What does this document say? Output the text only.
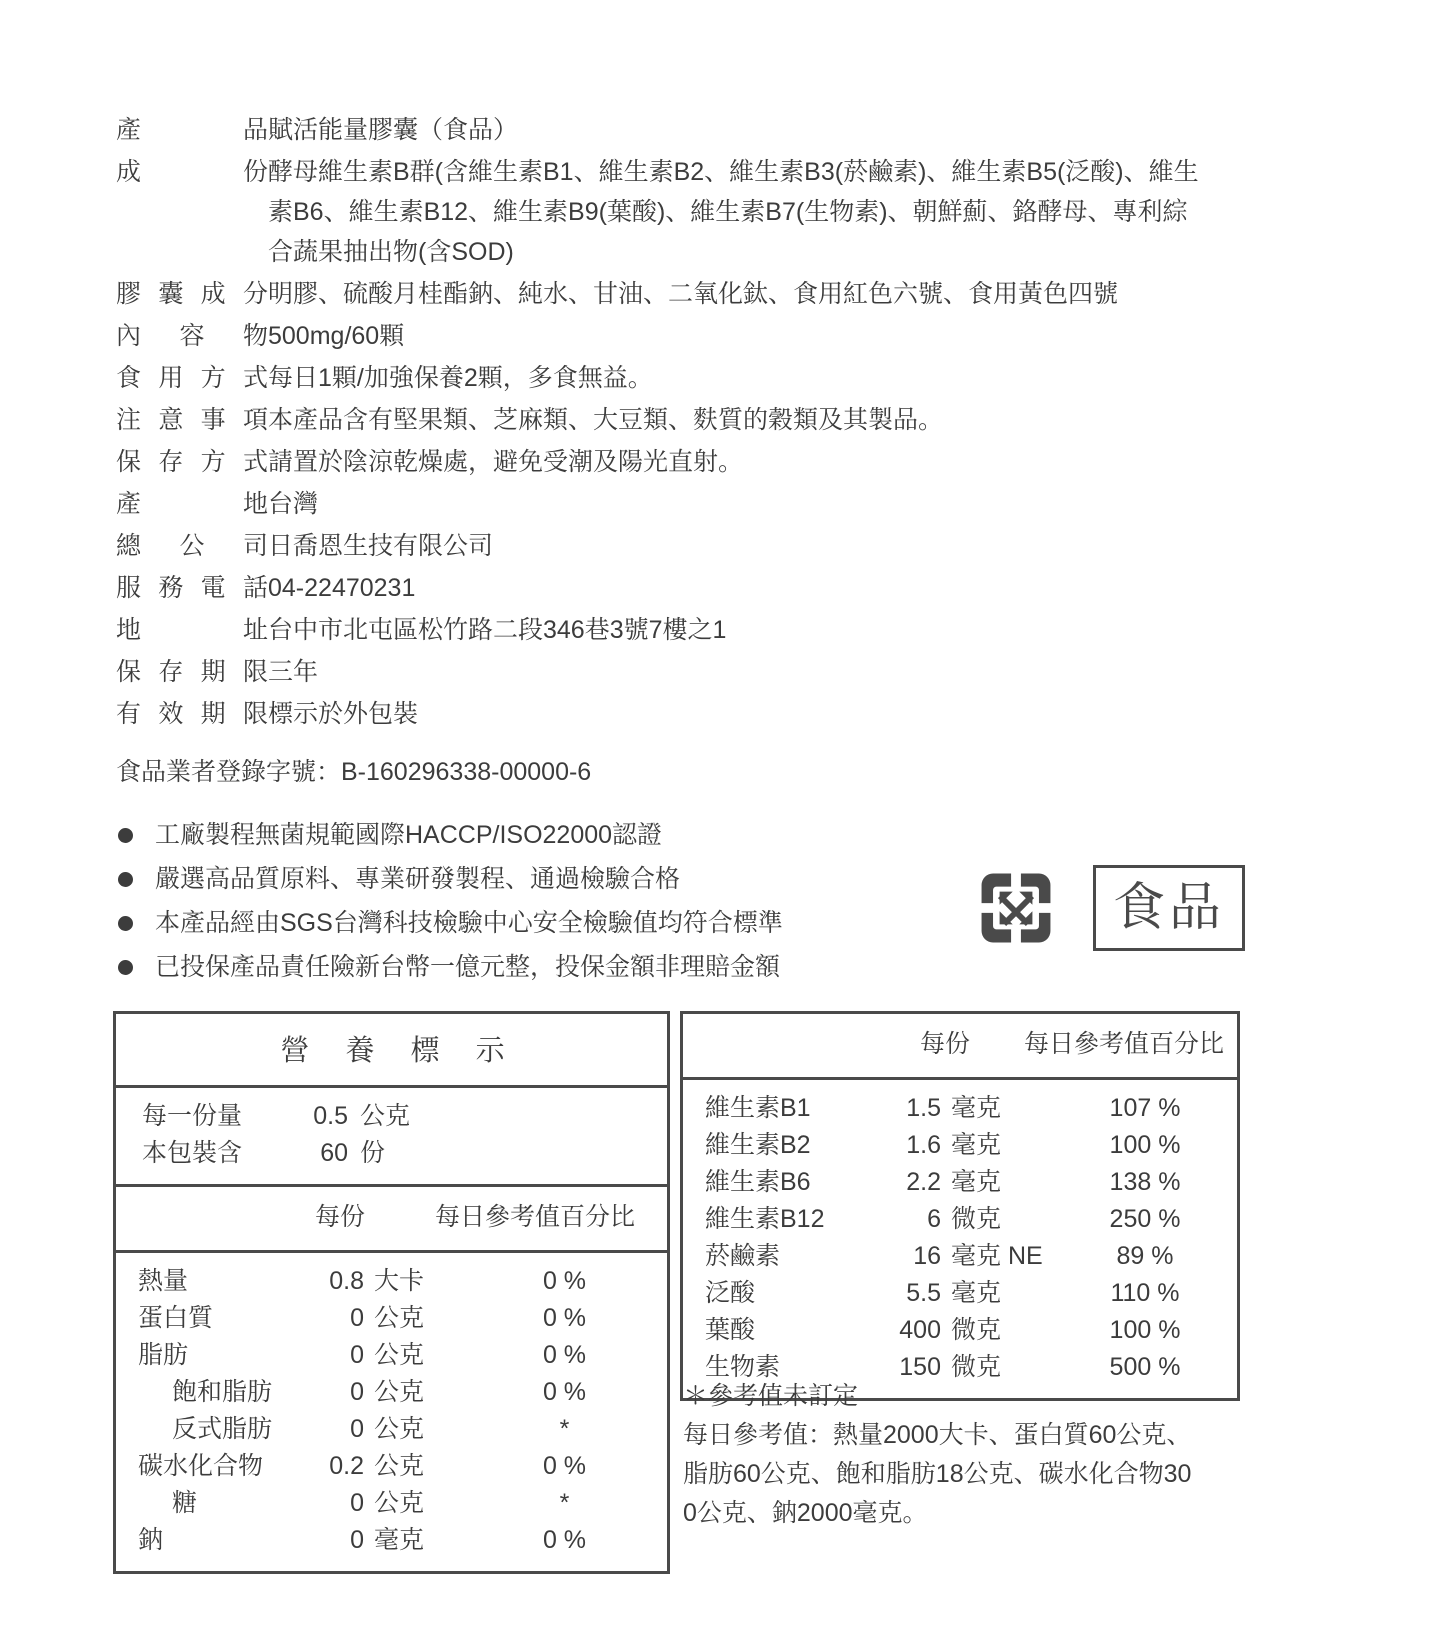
產	品 賦活能量膠囊（食品）
成	份 酵母維生素B群(含維生素B1、維生素B2、維生素B3(菸鹼素)、維生素B5(泛酸)、維生
素B6、維生素B12、維生素B9(葉酸)、維生素B7(生物素)、朝鮮薊、鉻酵母、專利綜
合蔬果抽出物(含SOD)
膠 囊 成 分 明膠、硫酸月桂酯鈉、純水、甘油、二氧化鈦、食用紅色六號、食用黃色四號
內 容 物 500mg/60顆
食 用 方 式 每日1顆/加強保養2顆，多食無益。
注 意 事 項 本產品含有堅果類、芝麻類、大豆類、麩質的穀類及其製品。
保 存 方 式 請置於陰涼乾燥處，避免受潮及陽光直射。
產	地 台灣
總 公 司 日喬恩生技有限公司
服 務 電 話 04-22470231
地	址 台中市北屯區松竹路二段346巷3號7樓之1
保 存 期 限 三年
有 效 期 限 標示於外包裝
食品業者登錄字號：B-160296338-00000-6
工廠製程無菌規範國際HACCP/ISO22000認證
嚴選高品質原料、專業研發製程、通過檢驗合格
本產品經由SGS台灣科技檢驗中心安全檢驗值均符合標準
已投保產品責任險新台幣一億元整，投保金額非理賠金額
食品
營 養 標 示
每一份量	0.5 公克
本包裝含	60 份
每份	每日參考值百分比
熱量	0.8 大卡	0 %
蛋白質	0 公克	0 %
脂肪	0 公克	0 %
飽和脂肪	0 公克	0 %
反式脂肪	0 公克	*
碳水化合物	0.2 公克	0 %
糖	0 公克	*
鈉	0 毫克	0 %
每份	每日參考值百分比
維生素B1	1.5 毫克	107 %
維生素B2	1.6 毫克	100 %
維生素B6	2.2 毫克	138 %
維生素B12	6 微克	250 %
菸鹼素	16 毫克 NE	89 %
泛酸	5.5 毫克	110 %
葉酸	400 微克	100 %
生物素	150 微克	500 %
＊參考值未訂定
每日參考值：熱量2000大卡、蛋白質60公克、
脂肪60公克、飽和脂肪18公克、碳水化合物30
0公克、鈉2000毫克。
